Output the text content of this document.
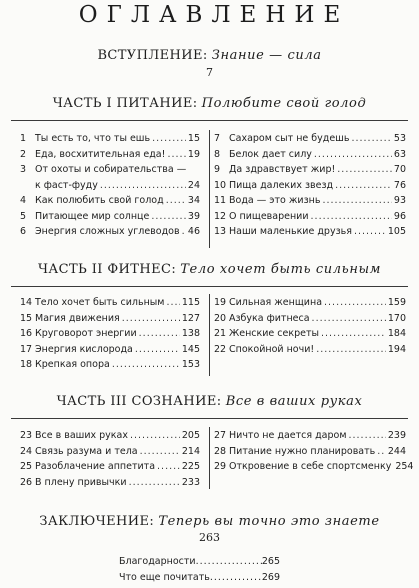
ОГЛАВЛЕНИЕ
ВСТУПЛЕНИЕ: Знание — сила
7
ЧАСТЬ I ПИТАНИЕ: Полюбите свой голод
1 Ты есть то, что ты ешь .....	15
2 Еда, восхитительная еда! ..... 19
3 От охоты и собирательства —
к фаст-фуду .....	24
4 Как полюбить свой голод .....	34
5 Питающее мир солнце .....	39
6 Энергия сложных углеводов ..... 46
7 Сахаром сыт не будешь .....	53
8 Белок дает силу .....	63
9 Да здравствует жир! .....	70
10 Пища далеких звезд .....	76
11 Вода — это жизнь .....	93
12 О пищеварении .....	96
13 Наши маленькие друзья .....	105
ЧАСТЬ II ФИТНЕС: Тело хочет быть сильным
14 Тело хочет быть сильным ..... 115
15 Магия движения .....	127
16 Круговорот энергии .....	138
17 Энергия кислорода .....	145
18 Крепкая опора .....	153
19 Сильная женщина .....	159
20 Азбука фитнеса .....	170
21 Женские секреты .....	184
22 Спокойной ночи! .....	194
ЧАСТЬ III СОЗНАНИЕ: Все в ваших руках
23 Все в ваших руках .....	205
24 Связь разума и тела .....	214
25 Разоблачение аппетита .....	225
26 В плену привычки .....	233
27 Ничто не дается даром .....	239
28 Питание нужно планировать ..... 244
29 Откровение в себе спортсменку 254
ЗАКЛЮЧЕНИЕ: Теперь вы точно это знаете
263
Благодарности .....	265
Что еще почитать .....	269
